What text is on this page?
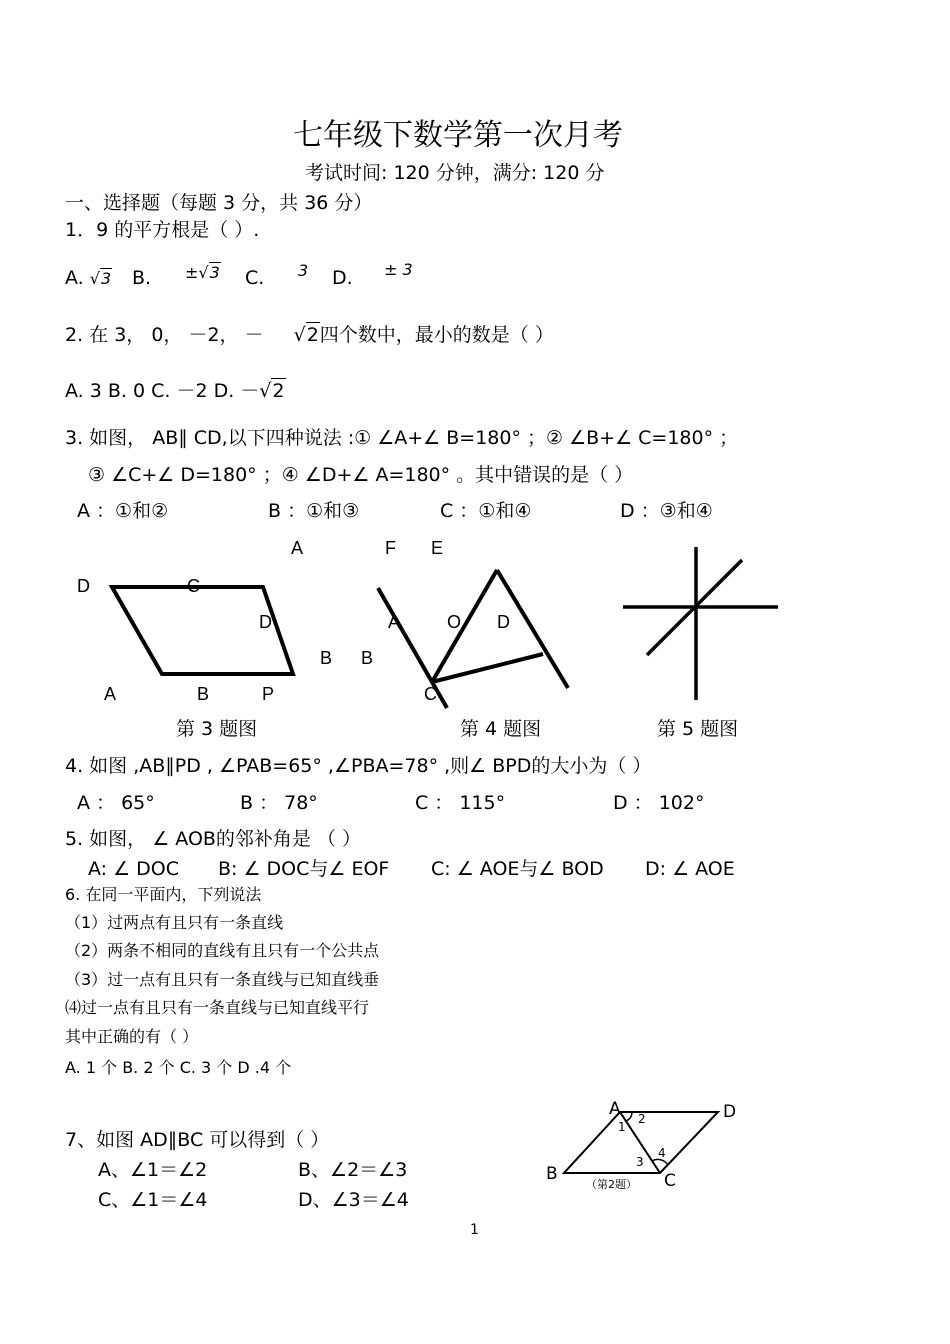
七年级下数学第一次月考
考试时间: 120 分钟，满分: 120 分
一、选择题（每题 3 分，共 36 分）
1．9 的平方根是（ ）.
A. √3 B. ±√3 C. 3 D. ± 3
2. 在 3， 0， －2， － √2四个数中，最小的数是（ ）
A. 3 B. 0 C. －2 D. －√2
3. 如图， AB∥ CD,以下四种说法 :① ∠A+∠ B=180° ；② ∠B+∠ C=180° ；
③ ∠C+∠ D=180° ；④ ∠D+∠ A=180° 。其中错误的是（ ）
A ：①和②	B ：①和③	C ：①和④	D ：③和④
A	F E
D	C
D
A	B	P
B B
A	O D
C
第 3 题图	第 4 题图	第 5 题图
4. 如图 ,AB∥PD , ∠PAB=65° ,∠PBA=78° ,则∠ BPD的大小为（ ）
A ： 65°	B ： 78°	C ： 115°	D ： 102°
5. 如图， ∠ AOB的邻补角是 （ ）
A: ∠ DOC B: ∠ DOC与∠ EOF C: ∠ AOE与∠ BOD D: ∠ AOE
6. 在同一平面内，下列说法
（1）过两点有且只有一条直线
（2）两条不相同的直线有且只有一个公共点
（3）过一点有且只有一条直线与已知直线垂
⑷过一点有且只有一条直线与已知直线平行
其中正确的有（ ）
A. 1 个 B. 2 个 C. 3 个 D .4 个
7、如图 AD∥BC 可以得到（ ）
A、∠1＝∠2	B、∠2＝∠3
C、∠1＝∠4	D、∠3＝∠4
A	D
B	C
1
2
3
4
（第2题）
1
